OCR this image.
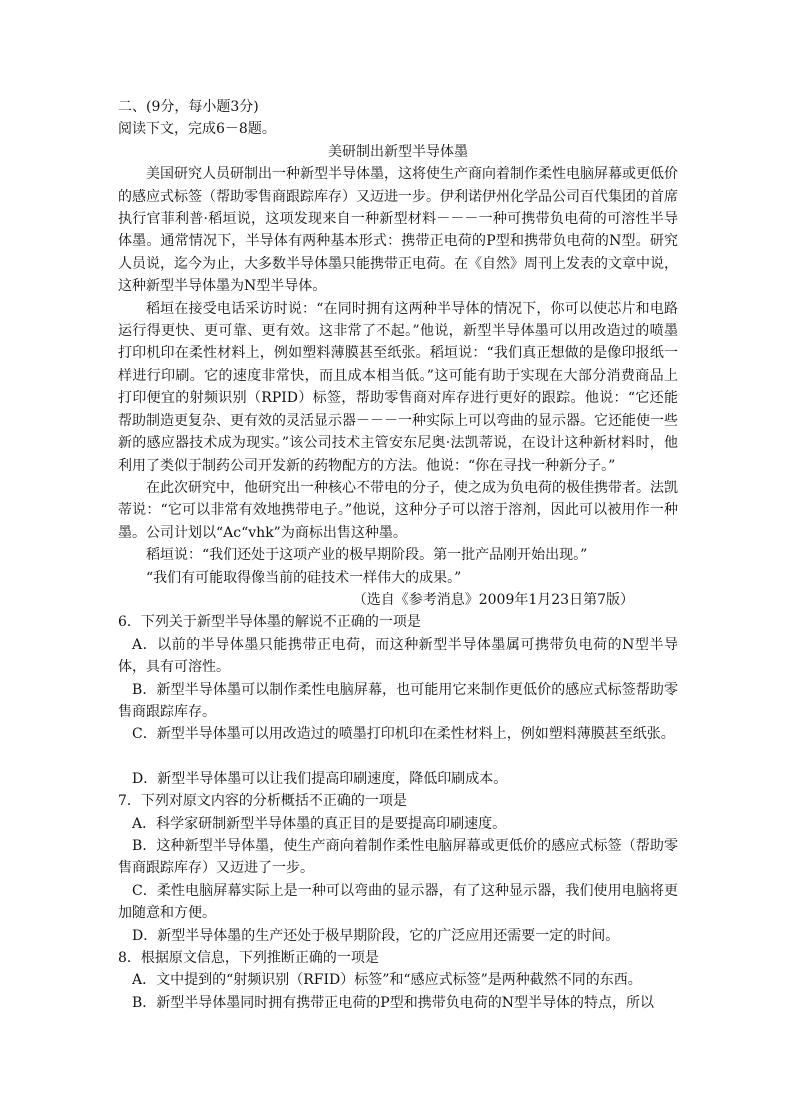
二、(9分，每小题3分)

阅读下文，完成6－8题。

美研制出新型半导体墨

美国研究人员研制出一种新型半导体墨，这将使生产商向着制作柔性电脑屏幕或更低价的感应式标签（帮助零售商跟踪库存）又迈进一步。伊利诺伊州化学品公司百代集团的首席执行官菲利普·稻垣说，这项发现来自一种新型材料－－－一种可携带负电荷的可溶性半导体墨。通常情况下，半导体有两种基本形式：携带正电荷的P型和携带负电荷的N型。研究人员说，迄今为止，大多数半导体墨只能携带正电荷。在《自然》周刊上发表的文章中说，这种新型半导体墨为N型半导体。

稻垣在接受电话采访时说：“在同时拥有这两种半导体的情况下，你可以使芯片和电路运行得更快、更可靠、更有效。这非常了不起。”他说，新型半导体墨可以用改造过的喷墨打印机印在柔性材料上，例如塑料薄膜甚至纸张。稻垣说：“我们真正想做的是像印报纸一样进行印刷。它的速度非常快，而且成本相当低。”这可能有助于实现在大部分消费商品上打印便宜的射频识别（RPID）标签，帮助零售商对库存进行更好的跟踪。他说：“它还能帮助制造更复杂、更有效的灵活显示器－－－一种实际上可以弯曲的显示器。它还能使一些新的感应器技术成为现实。”该公司技术主管安东尼奥·法凯蒂说，在设计这种新材料时，他利用了类似于制药公司开发新的药物配方的方法。他说：“你在寻找一种新分子。”

在此次研究中，他研究出一种核心不带电的分子，使之成为负电荷的极佳携带者。法凯蒂说：“它可以非常有效地携带电子。”他说，这种分子可以溶于溶剂，因此可以被用作一种墨。公司计划以“Ac“vhk”为商标出售这种墨。

稻垣说：“我们还处于这项产业的极早期阶段。第一批产品刚开始出现。”

“我们有可能取得像当前的硅技术一样伟大的成果。”

（选自《参考消息》2009年1月23日第7版）

6．下列关于新型半导体墨的解说不正确的一项是

A．以前的半导体墨只能携带正电荷，而这种新型半导体墨属可携带负电荷的N型半导体，具有可溶性。

B．新型半导体墨可以制作柔性电脑屏幕，也可能用它来制作更低价的感应式标签帮助零售商跟踪库存。

C．新型半导体墨可以用改造过的喷墨打印机印在柔性材料上，例如塑料薄膜甚至纸张。

D．新型半导体墨可以让我们提高印刷速度，降低印刷成本。

7．下列对原文内容的分析概括不正确的一项是

A．科学家研制新型半导体墨的真正目的是要提高印刷速度。

B．这种新型半导体墨，使生产商向着制作柔性电脑屏幕或更低价的感应式标签（帮助零售商跟踪库存）又迈进了一步。

C．柔性电脑屏幕实际上是一种可以弯曲的显示器，有了这种显示器，我们使用电脑将更加随意和方便。

D．新型半导体墨的生产还处于极早期阶段，它的广泛应用还需要一定的时间。

8．根据原文信息，下列推断正确的一项是

A．文中提到的“射频识别（RFID）标签”和“感应式标签”是两种截然不同的东西。

B．新型半导体墨同时拥有携带正电荷的P型和携带负电荷的N型半导体的特点，所以
